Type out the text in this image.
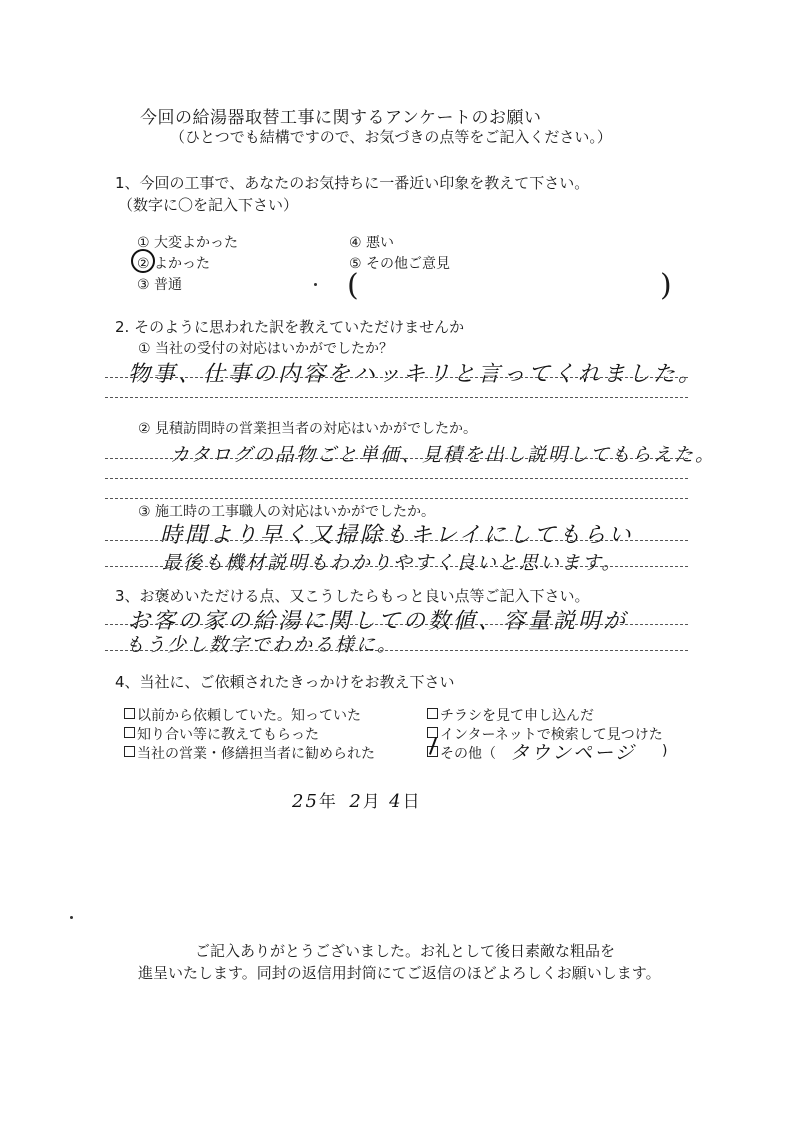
今回の給湯器取替工事に関するアンケートのお願い
（ひとつでも結構ですので、お気づきの点等をご記入ください。）
1、今回の工事で、あなたのお気持ちに一番近い印象を教えて下さい。
（数字に〇を記入下さい）
① 大変よかった
② よかった
③ 普通
④ 悪い
⑤ その他ご意見
(	)
2. そのように思われた訳を教えていただけませんか
① 当社の受付の対応はいかがでしたか？
物事、仕事の内容をハッキリと言ってくれました。
② 見積訪問時の営業担当者の対応はいかがでしたか。
カタログの品物ごと単価、見積を出し説明してもらえた。
③ 施工時の工事職人の対応はいかがでしたか。
時間より早く又掃除もキレイにしてもらい
最後も機材説明もわかりやすく良いと思います。
3、お褒めいただける点、又こうしたらもっと良い点等ご記入下さい。
お客の家の給湯に関しての数値、容量説明が
もう少し数字でわかる様に。
4、当社に、ご依頼されたきっかけをお教え下さい
以前から依頼していた。知っていた
知り合い等に教えてもらった
当社の営業・修繕担当者に勧められた
チラシを見て申し込んだ
インターネットで検索して見つけた
その他（ タウンページ )
25年 2月 4日
ご記入ありがとうございました。お礼として後日素敵な粗品を
進呈いたします。同封の返信用封筒にてご返信のほどよろしくお願いします。
